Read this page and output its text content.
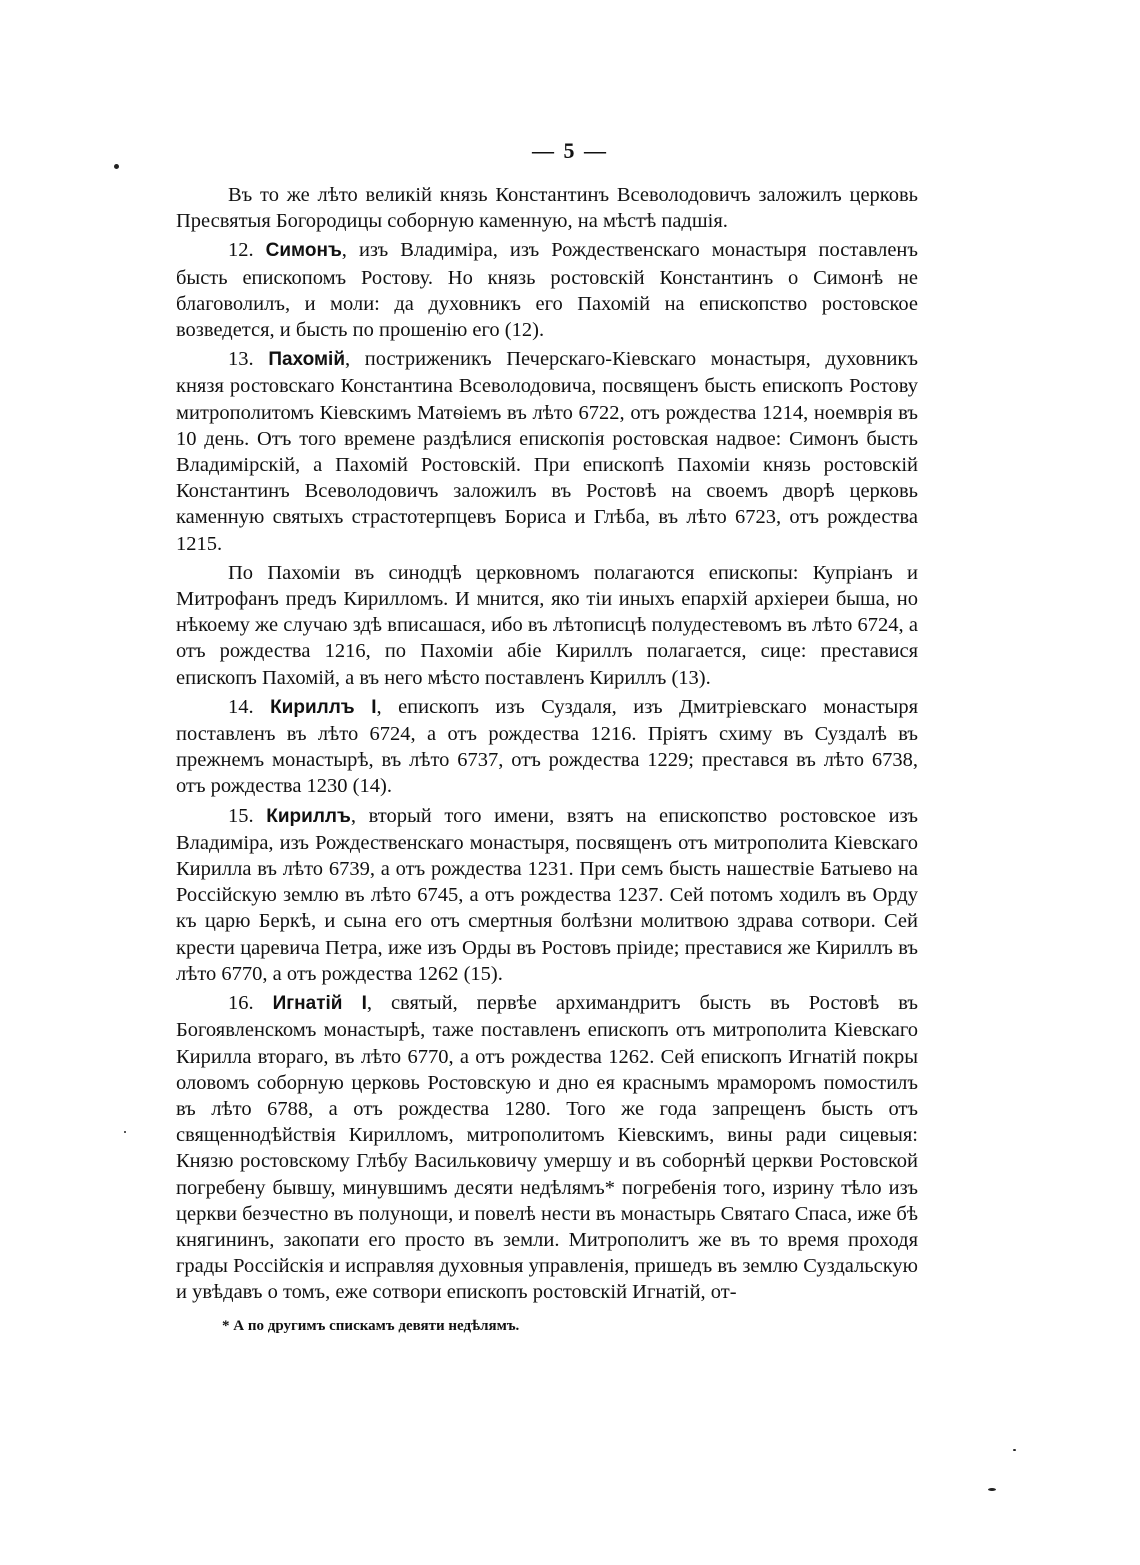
— 5 —

Въ то же лѣто великій князь Константинъ Всеволодовичъ заложилъ церковь Пресвятыя Богородицы соборную каменную, на мѣстѣ падшія.

12. Симонъ, изъ Владиміра, изъ Рождественскаго монастыря поставленъ бысть епископомъ Ростову. Но князь ростовскій Константинъ о Симонѣ не благоволилъ, и моли: да духовникъ его Пахомій на епископство ростовское возведется, и бысть по прошенію его (12).

13. Пахомій, постриженикъ Печерскаго-Кіевскаго монастыря, духовникъ князя ростовскаго Константина Всеволодовича, посвященъ бысть епископъ Ростову митрополитомъ Кіевскимъ Матѳіемъ въ лѣто 6722, отъ рождества 1214, ноемврія въ 10 день. Отъ того времене раздѣлися епископія ростовская надвое: Симонъ бысть Владимірскій, а Пахомій Ростовскій. При епископѣ Пахоміи князь ростовскій Константинъ Всеволодовичъ заложилъ въ Ростовѣ на своемъ дворѣ церковь каменную святыхъ страстотерпцевъ Бориса и Глѣба, въ лѣто 6723, отъ рождества 1215.

По Пахоміи въ синодцѣ церковномъ полагаются епископы: Купріанъ и Митрофанъ предъ Кирилломъ. И мнится, яко тіи иныхъ епархій архіереи быша, но нѣкоему же случаю здѣ вписашася, ибо въ лѣтописцѣ полудестевомъ въ лѣто 6724, а отъ рождества 1216, по Пахоміи абіе Кириллъ полагается, сице: преставися епископъ Пахомій, а въ него мѣсто поставленъ Кириллъ (13).

14. Кириллъ I, епископъ изъ Суздаля, изъ Дмитріевскаго монастыря поставленъ въ лѣто 6724, а отъ рождества 1216. Пріятъ схиму въ Суздалѣ въ прежнемъ монастырѣ, въ лѣто 6737, отъ рождества 1229; престався въ лѣто 6738, отъ рождества 1230 (14).

15. Кириллъ, вторый того имени, взятъ на епископство ростовское изъ Владиміра, изъ Рождественскаго монастыря, посвященъ отъ митрополита Кіевскаго Кирилла въ лѣто 6739, а отъ рождества 1231. При семъ бысть нашествіе Батыево на Россійскую землю въ лѣто 6745, а отъ рождества 1237. Сей потомъ ходилъ въ Орду къ царю Беркѣ, и сына его отъ смертныя болѣзни молитвою здрава сотвори. Сей крести царевича Петра, иже изъ Орды въ Ростовъ пріиде; преставися же Кириллъ въ лѣто 6770, а отъ рождества 1262 (15).

16. Игнатій I, святый, первѣе архимандритъ бысть въ Ростовѣ въ Богоявленскомъ монастырѣ, таже поставленъ епископъ отъ митрополита Кіевскаго Кирилла втораго, въ лѣто 6770, а отъ рождества 1262. Сей епископъ Игнатій покры оловомъ соборную церковь Ростовскую и дно ея краснымъ мраморомъ помостилъ въ лѣто 6788, а отъ рождества 1280. Того же года запрещенъ бысть отъ священнодѣйствія Кирилломъ, митрополитомъ Кіевскимъ, вины ради сицевыя: Князю ростовскому Глѣбу Васильковичу умершу и въ соборнѣй церкви Ростовской погребену бывшу, минувшимъ десяти недѣлямъ* погребенія того, изрину тѣло изъ церкви безчестно въ полунощи, и повелѣ нести въ монастырь Святаго Спаса, иже бѣ княгининъ, закопати его просто въ земли. Митрополитъ же въ то время проходя грады Россійскія и исправляя духовныя управленія, пришедъ въ землю Суздальскую и увѣдавъ о томъ, еже сотвори епископъ ростовскій Игнатій, от-

* А по другимъ спискамъ девяти недѣлямъ.
